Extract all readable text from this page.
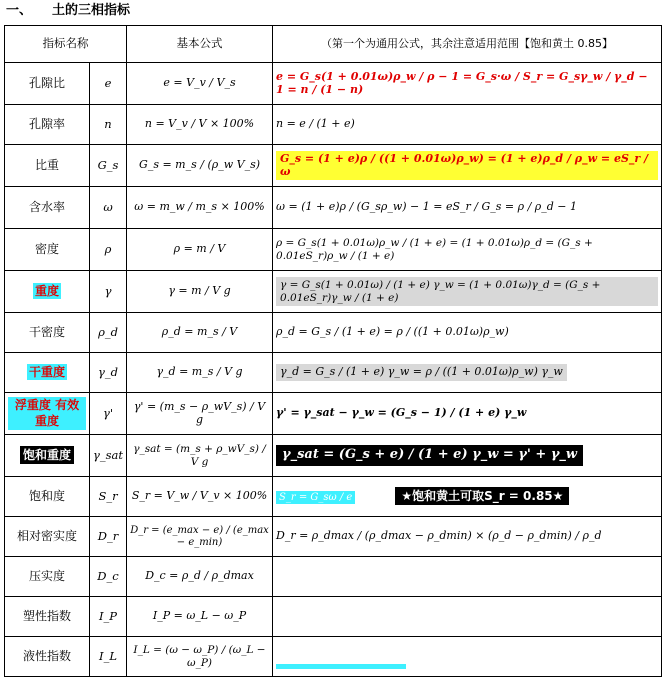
一、 土的三相指标
指标名称		基本公式	（第一个为通用公式，其余注意适用范围【饱和黄土 0.85】
孔隙比	e	e = V_v / V_s	e = G_s(1 + 0.01ω)ρ_w / ρ − 1 = G_s·ω / S_r = G_sγ_w / γ_d − 1 = n / (1 − n)
孔隙率	n	n = V_v / V × 100%	n = e / (1 + e)
比重	G_s	G_s = m_s / (ρ_w V_s)	G_s = (1 + e)ρ / ((1 + 0.01ω)ρ_w) = (1 + e)ρ_d / ρ_w = eS_r / ω
含水率	ω	ω = m_w / m_s × 100%	ω = (1 + e)ρ / (G_sρ_w) − 1 = eS_r / G_s = ρ / ρ_d − 1
密度	ρ	ρ = m / V	ρ = G_s(1 + 0.01ω)ρ_w / (1 + e) = (1 + 0.01ω)ρ_d = (G_s + 0.01eS_r)ρ_w / (1 + e)
重度	γ	γ = m / V g	γ = G_s(1 + 0.01ω) / (1 + e) γ_w = (1 + 0.01ω)γ_d = (G_s + 0.01eS_r)γ_w / (1 + e)
干密度	ρ_d	ρ_d = m_s / V	ρ_d = G_s / (1 + e) = ρ / ((1 + 0.01ω)ρ_w)
干重度	γ_d	γ_d = m_s / V g	γ_d = G_s / (1 + e) γ_w = ρ / ((1 + 0.01ω)ρ_w) γ_w
浮重度 有效重度	γ'	γ' = (m_s − ρ_wV_s) / V g	γ' = γ_sat − γ_w = (G_s − 1) / (1 + e) γ_w
饱和重度	γ_sat	γ_sat = (m_s + ρ_wV_s) / V g	γ_sat = (G_s + e) / (1 + e) γ_w = γ' + γ_w
饱和度	S_r	S_r = V_w / V_v × 100%	S_r = G_sω / e ★饱和黄土可取S_r = 0.85★
相对密实度	D_r	D_r = (e_max − e) / (e_max − e_min)	D_r = ρ_dmax / (ρ_dmax − ρ_dmin) × (ρ_d − ρ_dmin) / ρ_d
压实度	D_c	D_c = ρ_d / ρ_dmax	
塑性指数	I_P	I_P = ω_L − ω_P	
液性指数	I_L	I_L = (ω − ω_P) / (ω_L − ω_P)	
